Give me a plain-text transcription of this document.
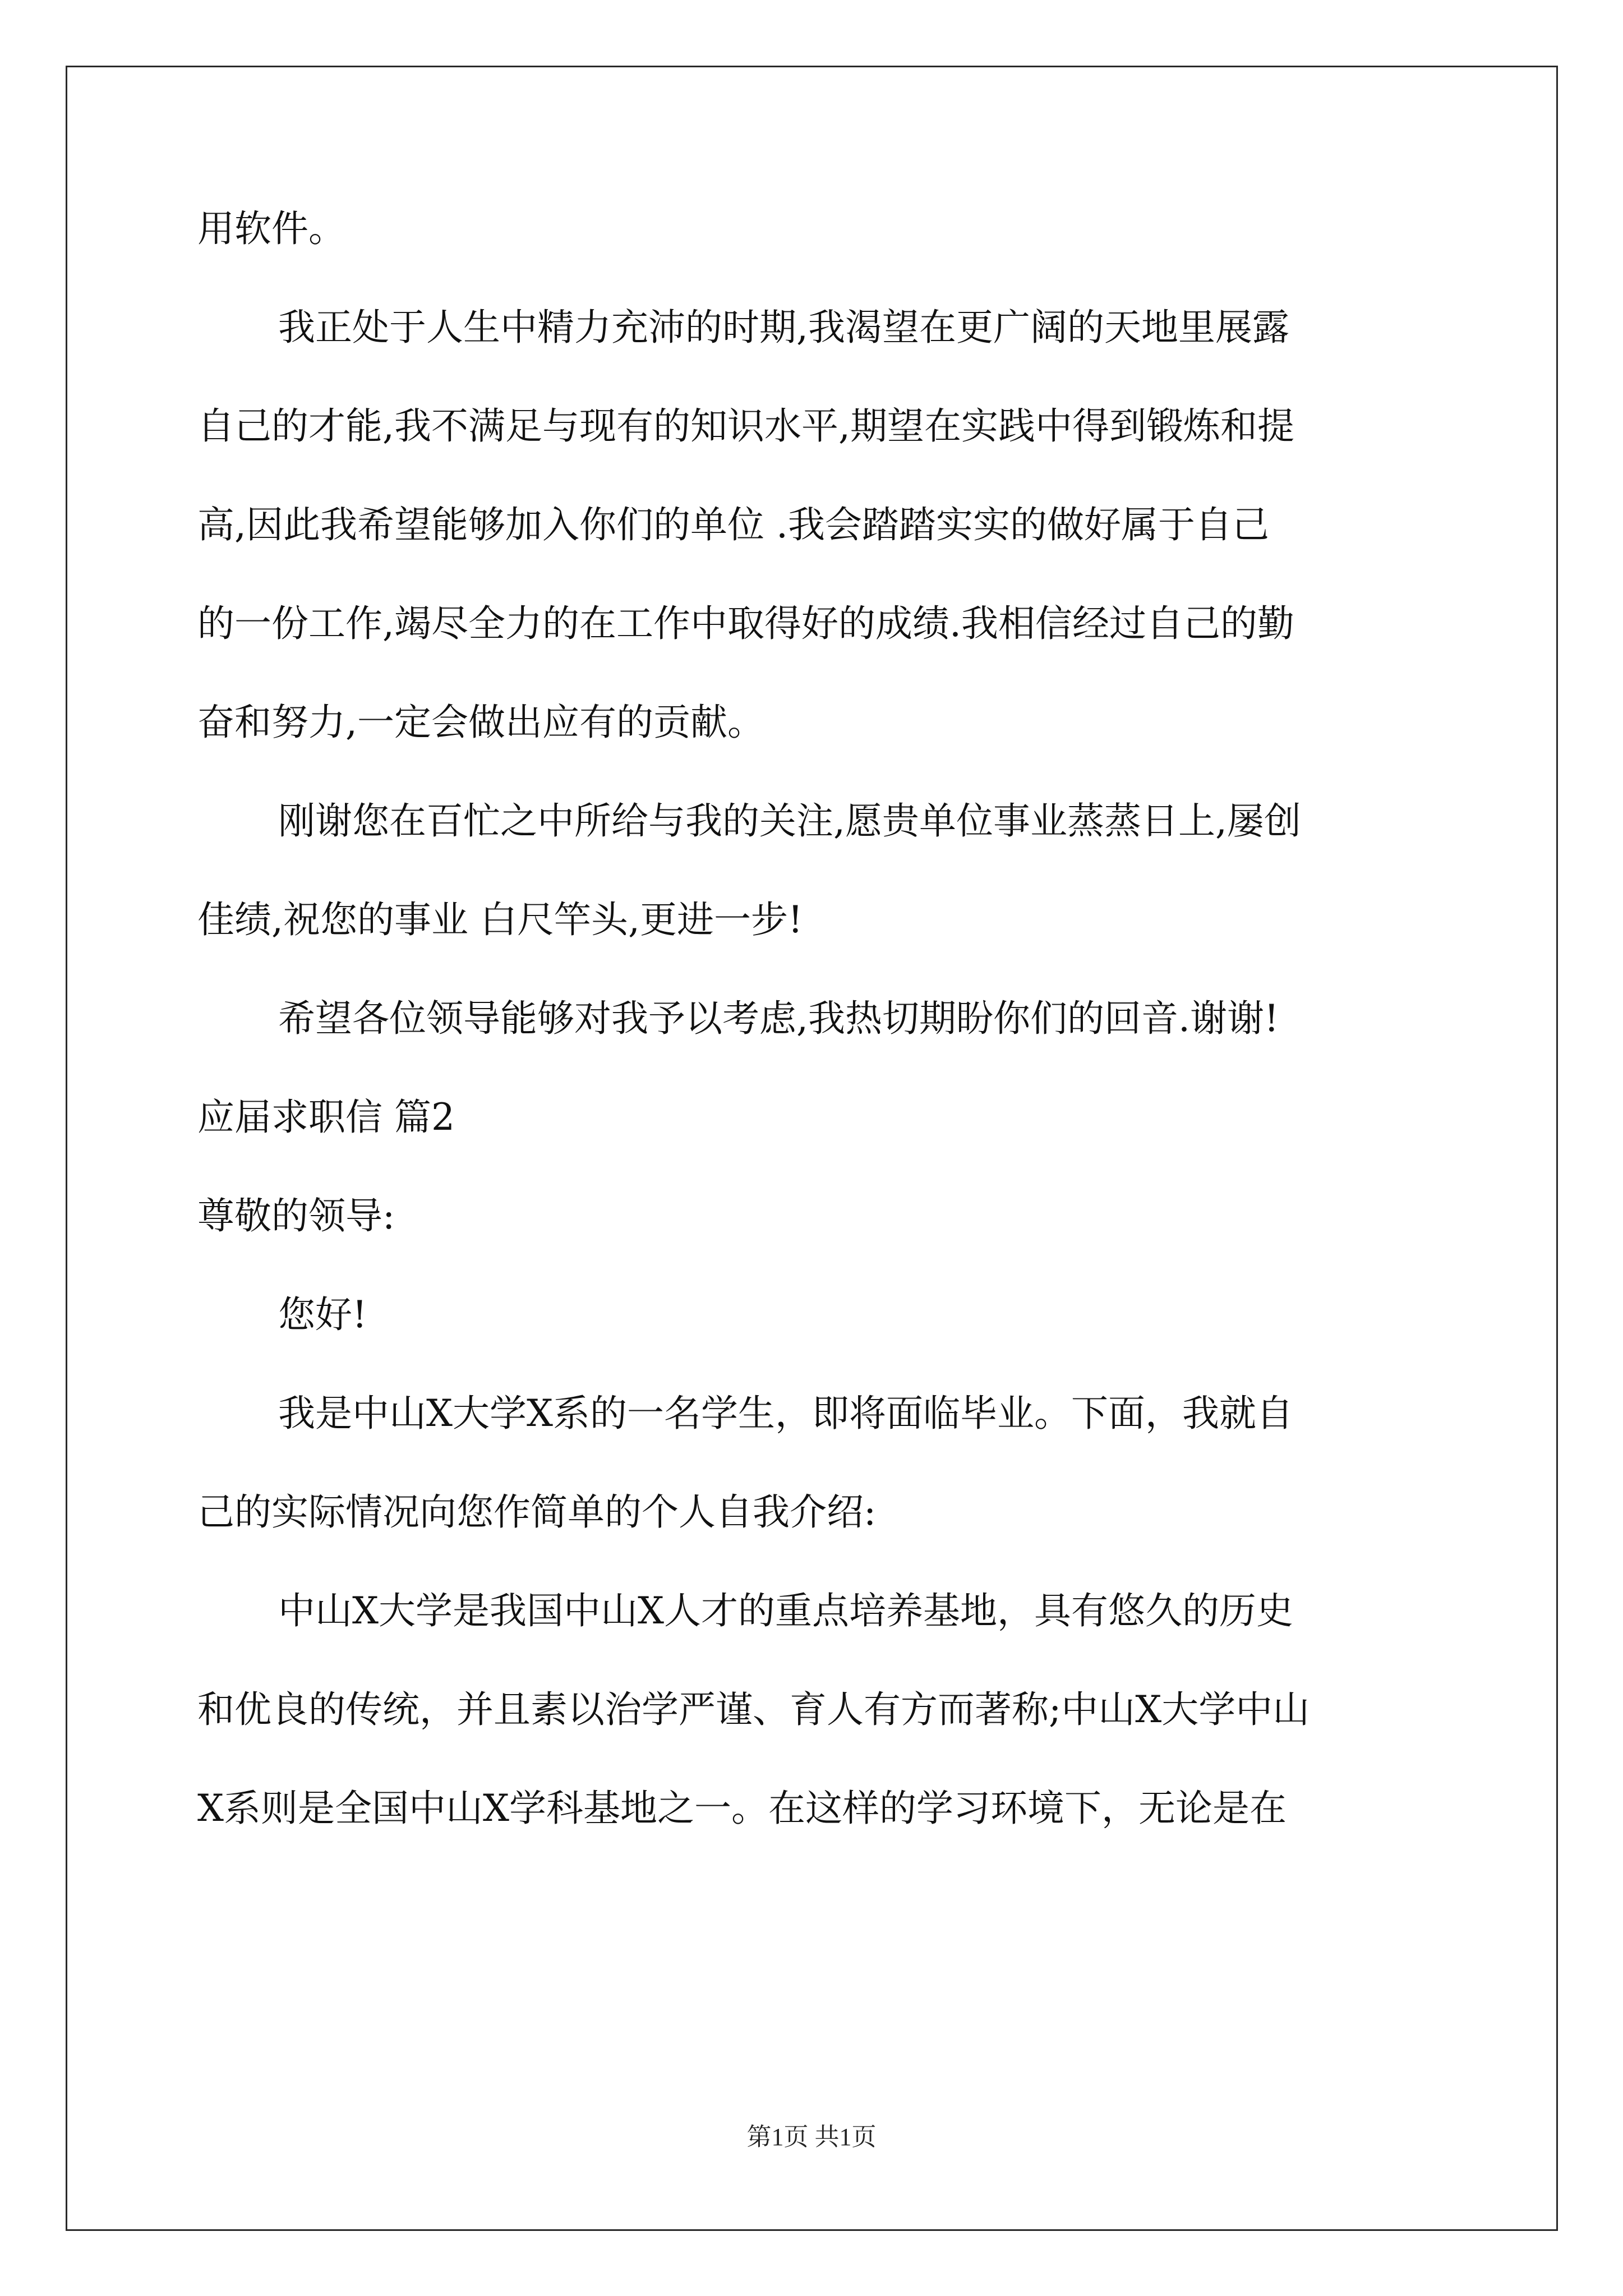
用软件。
我正处于人生中精力充沛的时期,我渴望在更广阔的天地里展露
自己的才能,我不满足与现有的知识水平,期望在实践中得到锻炼和提
高,因此我希望能够加入你们的单位 .我会踏踏实实的做好属于自己
的一份工作,竭尽全力的在工作中取得好的成绩.我相信经过自己的勤
奋和努力,一定会做出应有的贡献。
刚谢您在百忙之中所给与我的关注,愿贵单位事业蒸蒸日上,屡创
佳绩,祝您的事业 白尺竿头,更进一步!
希望各位领导能够对我予以考虑,我热切期盼你们的回音.谢谢!
应届求职信 篇2
尊敬的领导:
您好!
我是中山X大学X系的一名学生，即将面临毕业。下面，我就自
己的实际情况向您作简单的个人自我介绍:
中山X大学是我国中山X人才的重点培养基地，具有悠久的历史
和优良的传统，并且素以治学严谨、育人有方而著称;中山X大学中山
X系则是全国中山X学科基地之一。在这样的学习环境下，无论是在
第1页 共1页
